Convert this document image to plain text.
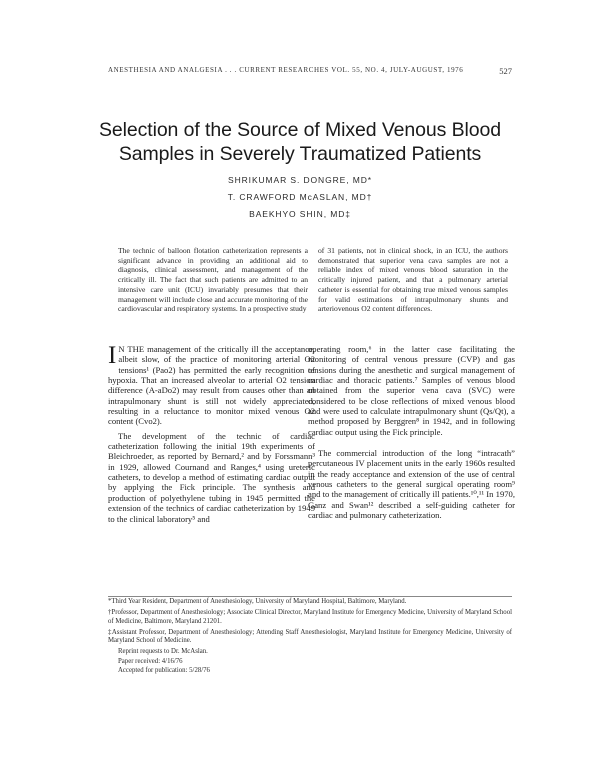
ANESTHESIA AND ANALGESIA . . . CURRENT RESEARCHES VOL. 55, NO. 4, JULY-AUGUST, 1976	527
Selection of the Source of Mixed Venous Blood
Samples in Severely Traumatized Patients
SHRIKUMAR S. DONGRE, MD*
T. CRAWFORD McASLAN, MD†
BAEKHYO SHIN, MD‡
The technic of balloon flotation catheterization represents a significant advance in providing an additional aid to diagnosis, clinical assessment, and management of the critically ill. The fact that such patients are admitted to an intensive care unit (ICU) invariably presumes that their management will include close and accurate monitoring of the cardiovascular and respiratory systems. In a prospective study
of 31 patients, not in clinical shock, in an ICU, the authors demonstrated that superior vena cava samples are not a reliable index of mixed venous blood saturation in the critically injured patient, and that a pulmonary arterial catheter is essential for obtaining true mixed venous samples for valid estimations of intrapulmonary shunts and arteriovenous O2 content differences.

I N THE management of the critically ill the acceptance, albeit slow, of the practice of monitoring arterial O2 tensions¹ (Pao2) has permitted the early recognition of hypoxia. That an increased alveolar to arterial O2 tension difference (A-aDo2) may result from causes other than an intrapulmonary shunt is still not widely appreciated, resulting in a reluctance to monitor mixed venous O2 content (Cvo2).

The development of the technic of cardiac catheterization following the initial 19th experiments of Bleichroeder, as reported by Bernard,² and by Forssmann³ in 1929, allowed Cournand and Ranges,⁴ using ureteric catheters, to develop a method of estimating cardiac output by applying the Fick principle. The synthesis and production of polyethylene tubing in 1945 permitted the extension of the technics of cardiac catheterization by 1949 to the clinical laboratory⁵ and

operating room,⁶ in the latter case facilitating the monitoring of central venous pressure (CVP) and gas tensions during the anesthetic and surgical management of cardiac and thoracic patients.⁷ Samples of venous blood obtained from the superior vena cava (SVC) were considered to be close reflections of mixed venous blood and were used to calculate intrapulmonary shunt (Qs/Qt), a method proposed by Berggren⁸ in 1942, and in following cardiac output using the Fick principle.

The commercial introduction of the long “intracath” percutaneous IV placement units in the early 1960s resulted in the ready acceptance and extension of the use of central venous catheters to the general surgical operating room⁹ and to the management of critically ill patients.¹⁰,¹¹ In 1970, Ganz and Swan¹² described a self-guiding catheter for cardiac and pulmonary catheterization.

*Third Year Resident, Department of Anesthesiology, University of Maryland Hospital, Baltimore, Maryland.
†Professor, Department of Anesthesiology; Associate Clinical Director, Maryland Institute for Emergency Medicine, University of Maryland School of Medicine, Baltimore, Maryland 21201.
‡Assistant Professor, Department of Anesthesiology; Attending Staff Anesthesiologist, Maryland Institute for Emergency Medicine, University of Maryland School of Medicine.
Reprint requests to Dr. McAslan.
Paper received: 4/16/76
Accepted for publication: 5/28/76
